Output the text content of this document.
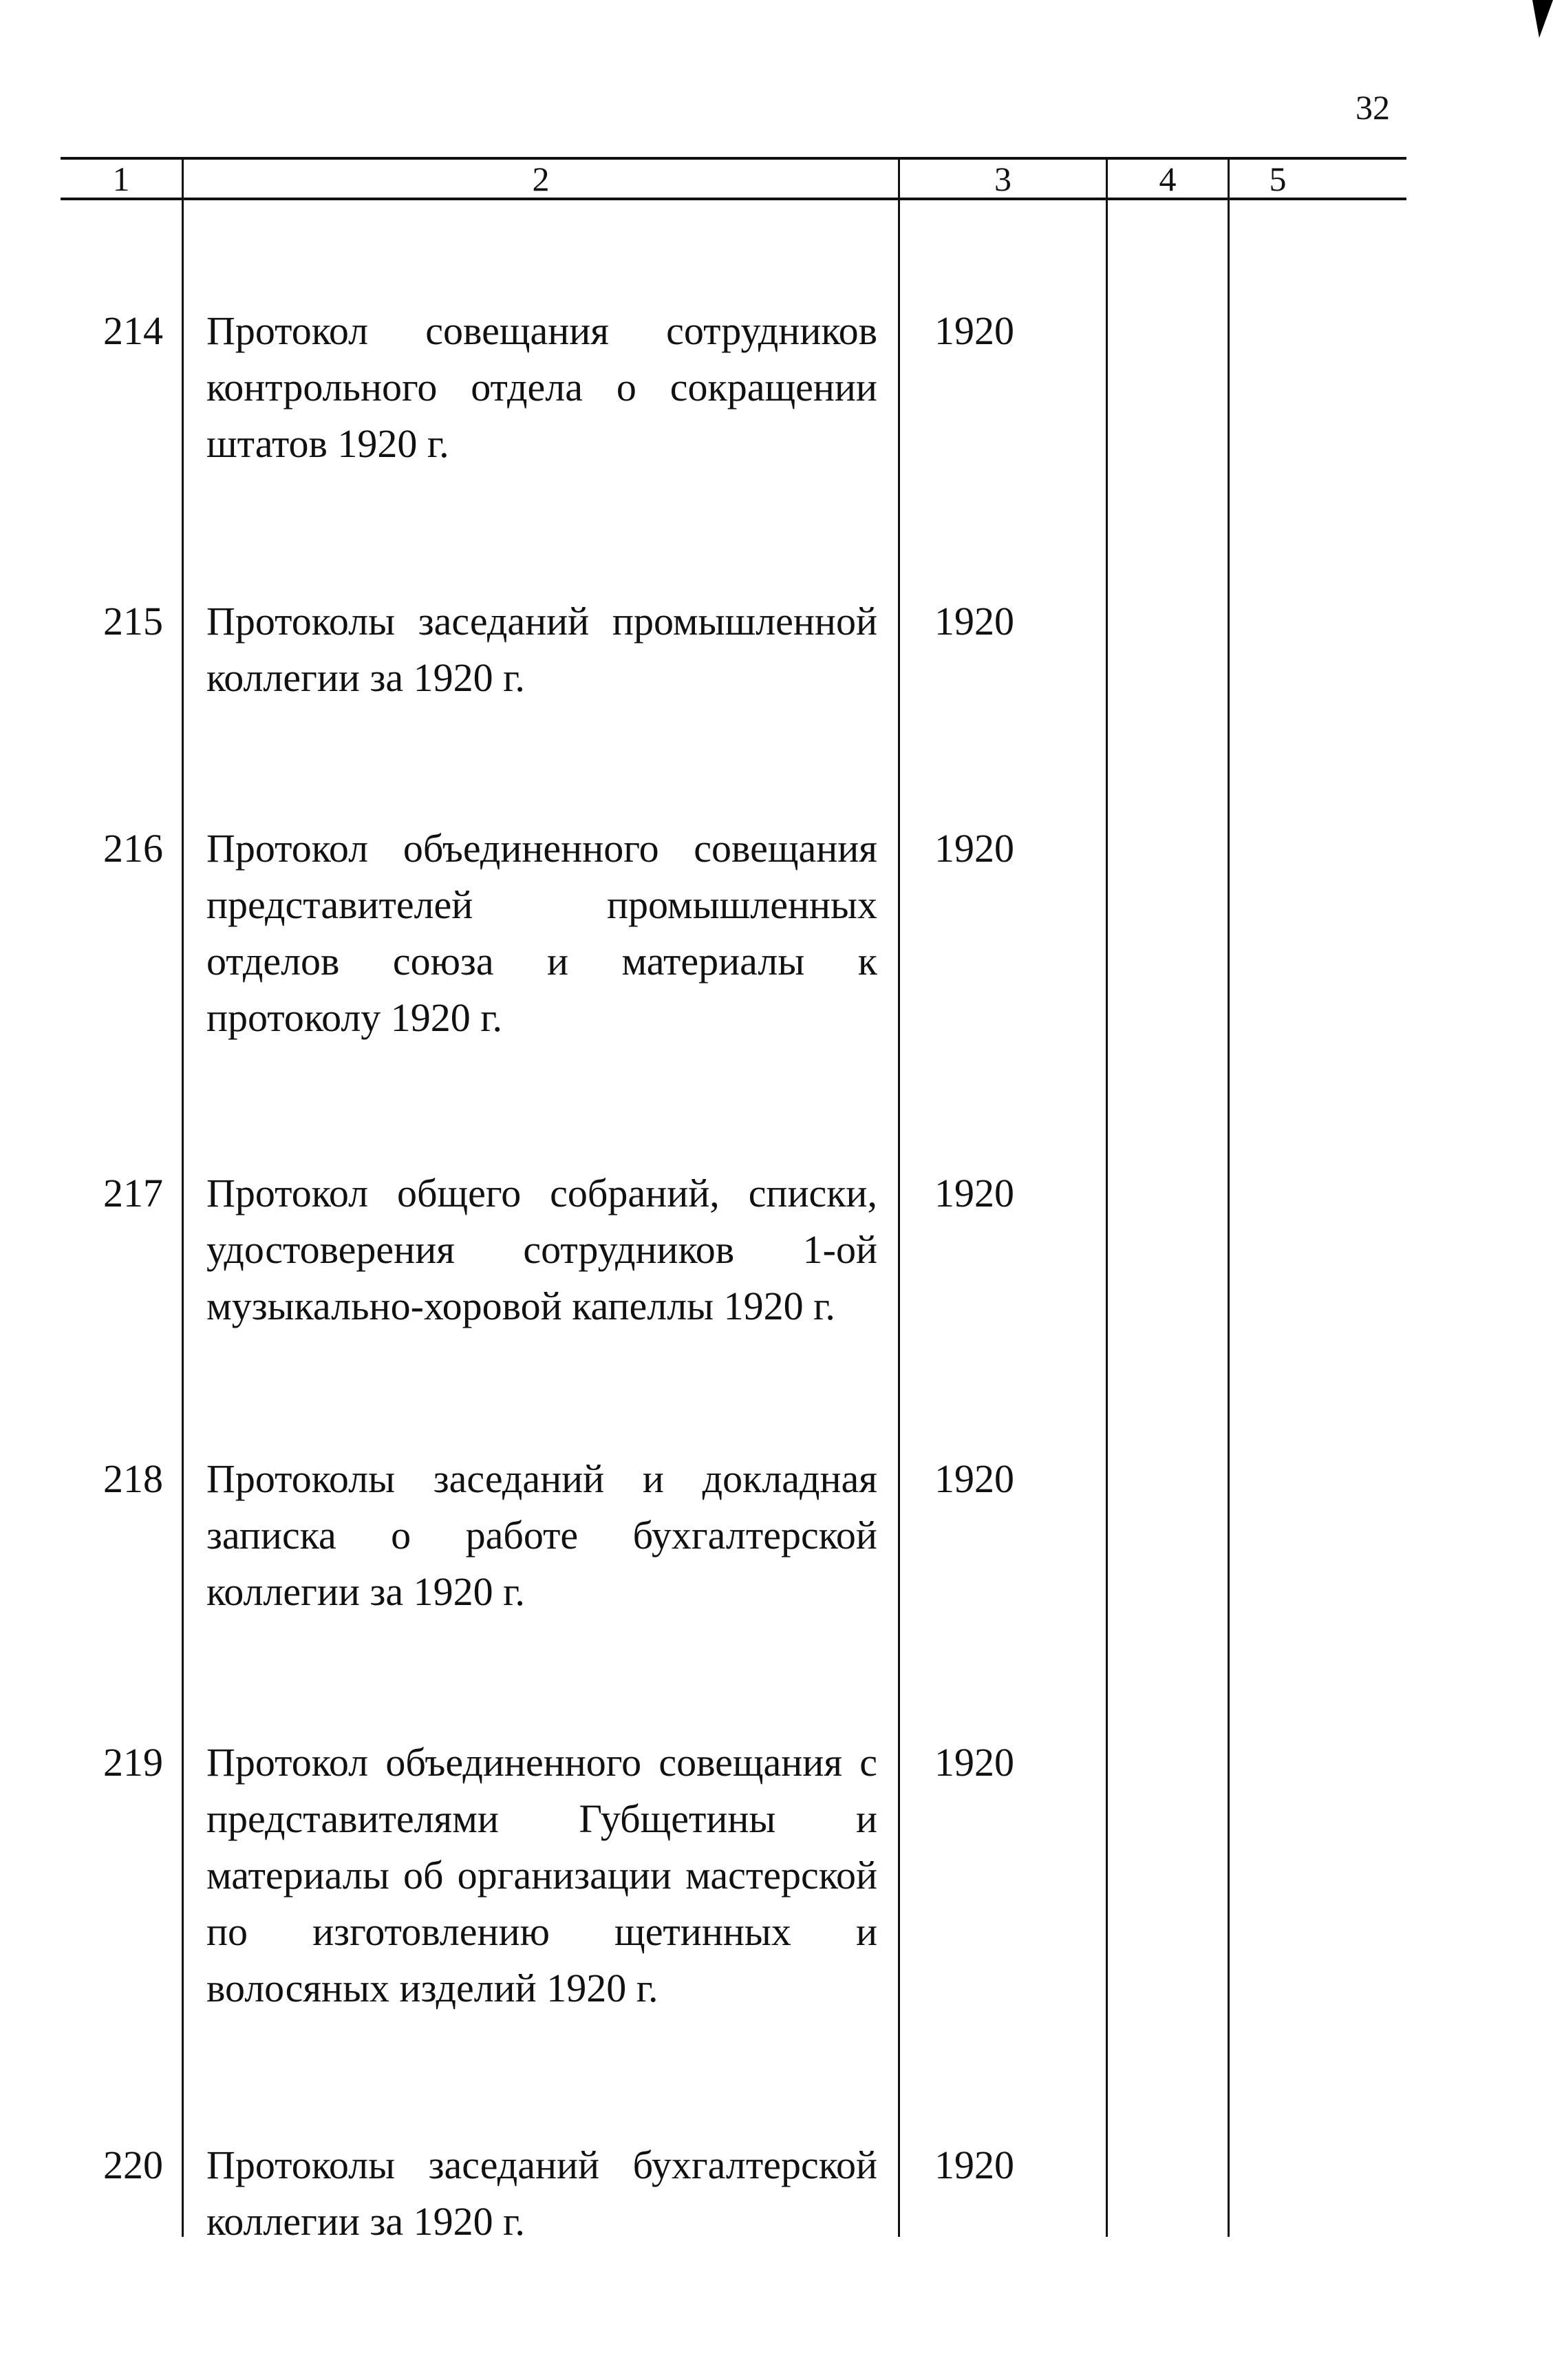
32
1	2	3	4	5
214 Протокол совещания сотрудников
контрольного отдела о сокращении
штатов 1920 г.
1920
215 Протоколы заседаний промышленной
коллегии за 1920 г.
1920
216 Протокол объединенного совещания
представителей	промышленных
отделов союза и материалы к
протоколу 1920 г.
1920
217 Протокол общего собраний, списки,
удостоверения сотрудников 1-ой
музыкально-хоровой капеллы 1920 г.
1920
218 Протоколы заседаний и докладная
записка о работе бухгалтерской
коллегии за 1920 г.
1920
219 Протокол объединенного совещания с
представителями Губщетины и
материалы об организации мастерской
по изготовлению щетинных и
волосяных изделий 1920 г.
1920
220 Протоколы заседаний бухгалтерской
коллегии за 1920 г.
1920
